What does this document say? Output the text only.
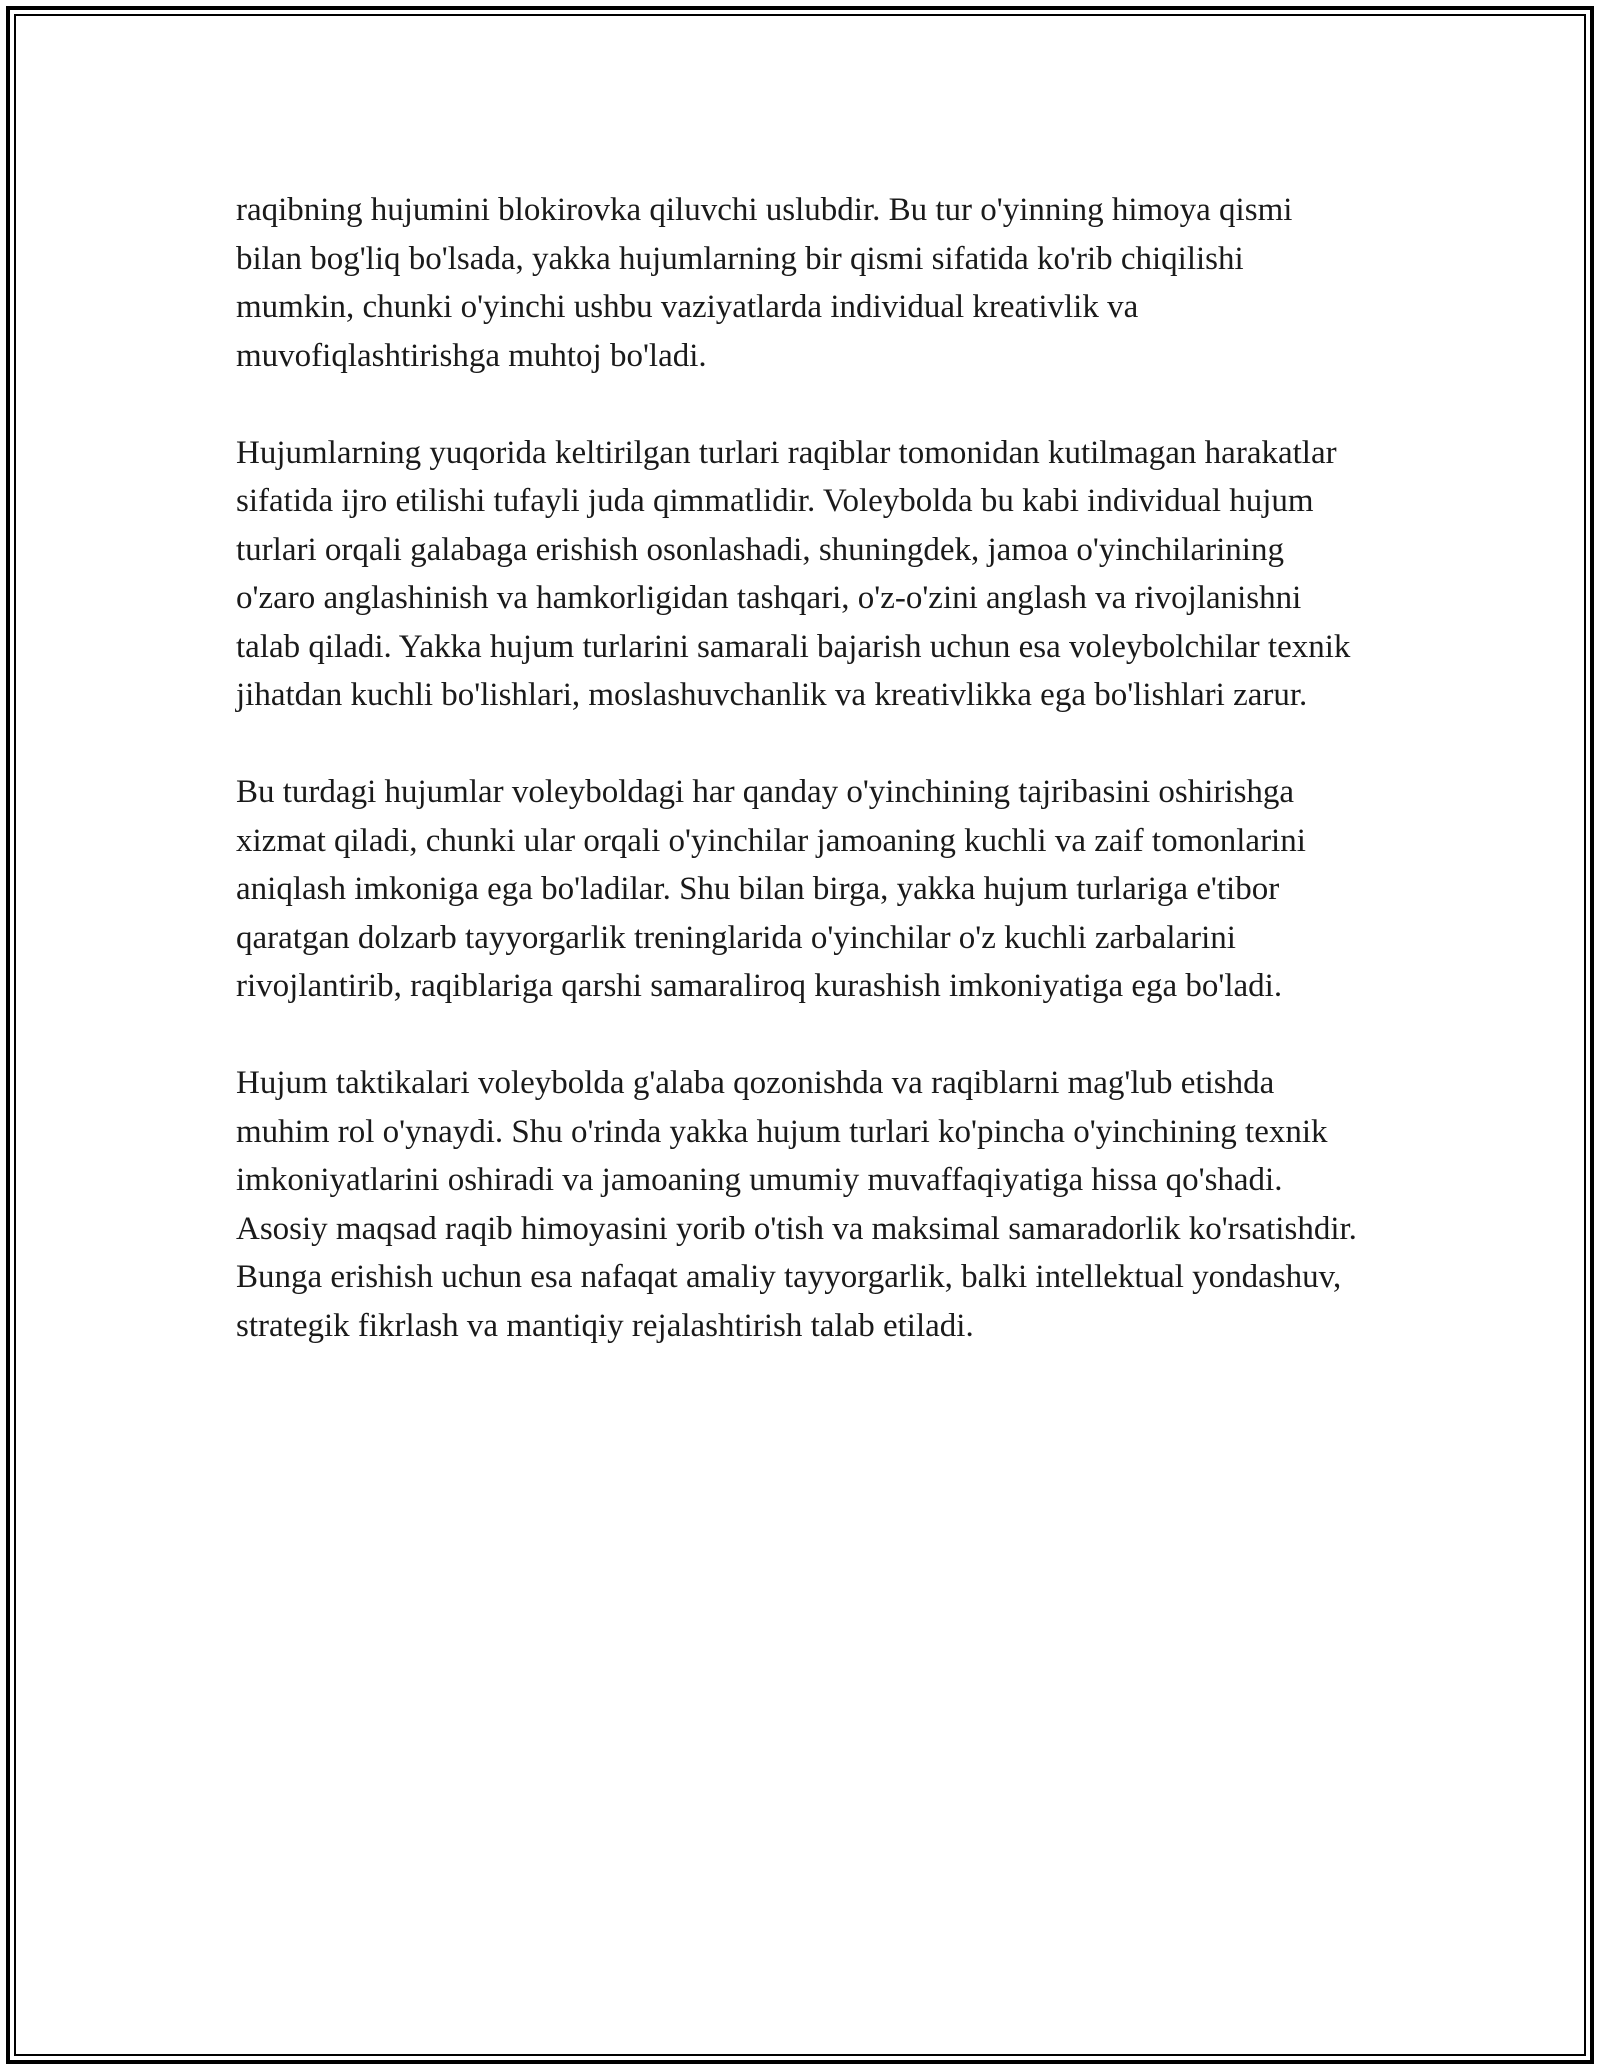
raqibning hujumini blokirovka qiluvchi uslubdir. Bu tur o'yinning himoya qismi bilan bog'liq bo'lsada, yakka hujumlarning bir qismi sifatida ko'rib chiqilishi mumkin, chunki o'yinchi ushbu vaziyatlarda individual kreativlik va muvofiqlashtirishga muhtoj bo'ladi.

Hujumlarning yuqorida keltirilgan turlari raqiblar tomonidan kutilmagan harakatlar sifatida ijro etilishi tufayli juda qimmatlidir. Voleybolda bu kabi individual hujum turlari orqali galabaga erishish osonlashadi, shuningdek, jamoa o'yinchilarining o'zaro anglashinish va hamkorligidan tashqari, o'z-o'zini anglash va rivojlanishni talab qiladi. Yakka hujum turlarini samarali bajarish uchun esa voleybolchilar texnik jihatdan kuchli bo'lishlari, moslashuvchanlik va kreativlikka ega bo'lishlari zarur.

Bu turdagi hujumlar voleyboldagi har qanday o'yinchining tajribasini oshirishga xizmat qiladi, chunki ular orqali o'yinchilar jamoaning kuchli va zaif tomonlarini aniqlash imkoniga ega bo'ladilar. Shu bilan birga, yakka hujum turlariga e'tibor qaratgan dolzarb tayyorgarlik treninglarida o'yinchilar o'z kuchli zarbalarini rivojlantirib, raqiblariga qarshi samaraliroq kurashish imkoniyatiga ega bo'ladi.

Hujum taktikalari voleybolda g'alaba qozonishda va raqiblarni mag'lub etishda muhim rol o'ynaydi. Shu o'rinda yakka hujum turlari ko'pincha o'yinchining texnik imkoniyatlarini oshiradi va jamoaning umumiy muvaffaqiyatiga hissa qo'shadi. Asosiy maqsad raqib himoyasini yorib o'tish va maksimal samaradorlik ko'rsatishdir. Bunga erishish uchun esa nafaqat amaliy tayyorgarlik, balki intellektual yondashuv, strategik fikrlash va mantiqiy rejalashtirish talab etiladi.
